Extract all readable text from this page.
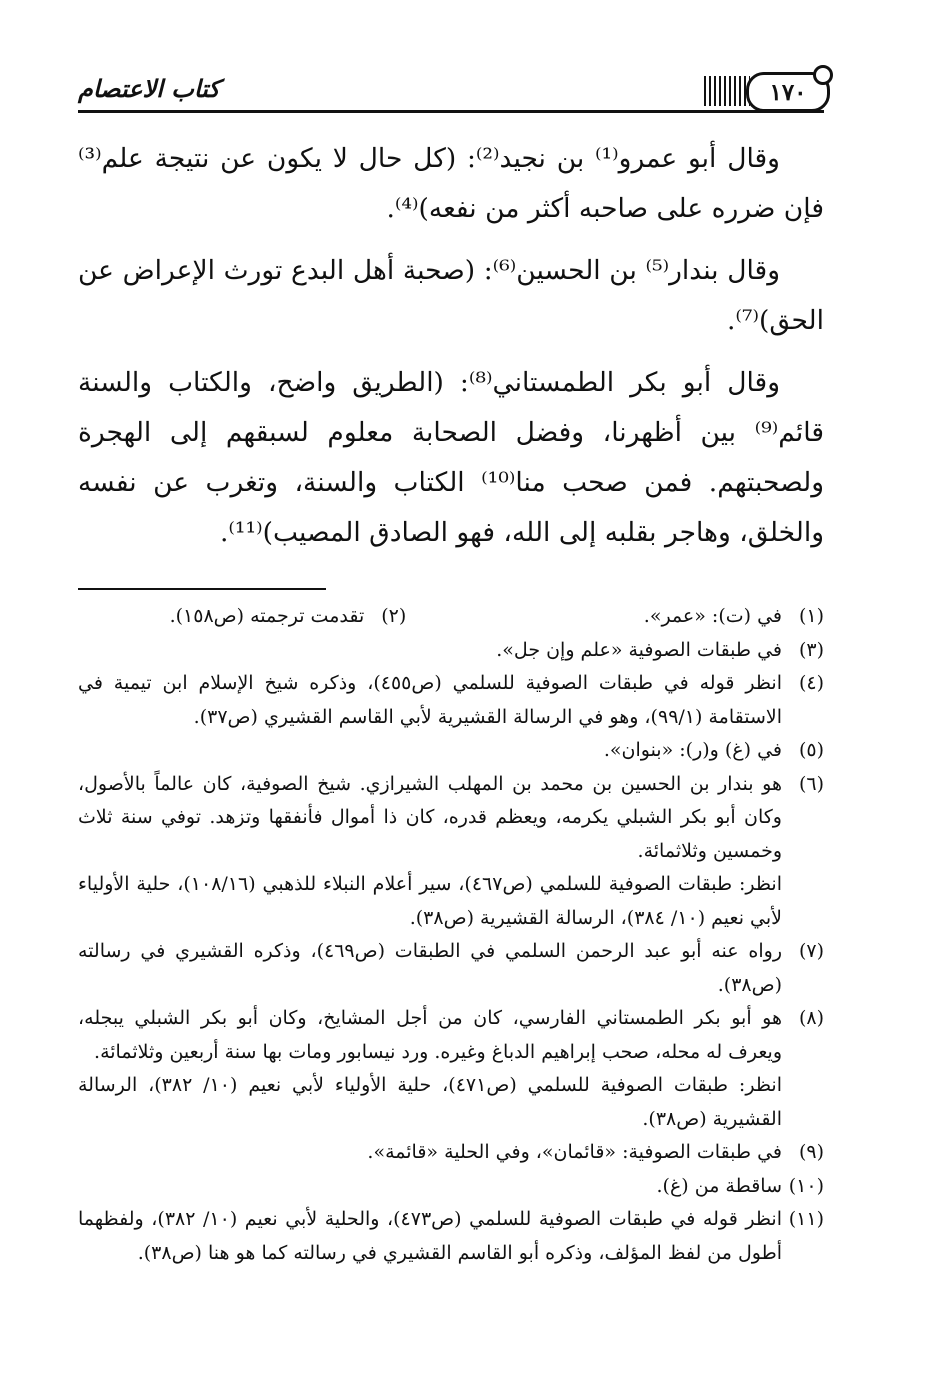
١٧٠
كتاب الاعتصام

وقال أبو عمرو⁽¹⁾ بن نجيد⁽²⁾: (كل حال لا يكون عن نتيجة علم⁽³⁾ فإن ضرره على صاحبه أكثر من نفعه)⁽⁴⁾.

وقال بندار⁽⁵⁾ بن الحسين⁽⁶⁾: (صحبة أهل البدع تورث الإعراض عن الحق)⁽⁷⁾.

وقال أبو بكر الطمستاني⁽⁸⁾: (الطريق واضح، والكتاب والسنة قائم⁽⁹⁾ بين أظهرنا، وفضل الصحابة معلوم لسبقهم إلى الهجرة ولصحبتهم. فمن صحب منا⁽¹⁰⁾ الكتاب والسنة، وتغرب عن نفسه والخلق، وهاجر بقلبه إلى الله، فهو الصادق المصيب)⁽¹¹⁾.

(١)
في (ت): «عمر».
(٢)
تقدمت ترجمته (ص١٥٨).
(٣)
في طبقات الصوفية «علم وإن جل».
(٤)
انظر قوله في طبقات الصوفية للسلمي (ص٤٥٥)، وذكره شيخ الإسلام ابن تيمية في الاستقامة (٩٩/١)، وهو في الرسالة القشيرية لأبي القاسم القشيري (ص٣٧).
(٥)
في (غ) و(ر): «بنوان».
(٦)
هو بندار بن الحسين بن محمد بن المهلب الشيرازي. شيخ الصوفية، كان عالماً بالأصول، وكان أبو بكر الشبلي يكرمه، ويعظم قدره، كان ذا أموال فأنفقها وتزهد. توفي سنة ثلاث وخمسين وثلاثمائة.
انظر: طبقات الصوفية للسلمي (ص٤٦٧)، سير أعلام النبلاء للذهبي (١٠٨/١٦)، حلية الأولياء لأبي نعيم (١٠/ ٣٨٤)، الرسالة القشيرية (ص٣٨).
(٧)
رواه عنه أبو عبد الرحمن السلمي في الطبقات (ص٤٦٩)، وذكره القشيري في رسالته (ص٣٨).
(٨)
هو أبو بكر الطمستاني الفارسي، كان من أجل المشايخ، وكان أبو بكر الشبلي يبجله، ويعرف له محله، صحب إبراهيم الدباغ وغيره. ورد نيسابور ومات بها سنة أربعين وثلاثمائة.
انظر: طبقات الصوفية للسلمي (ص٤٧١)، حلية الأولياء لأبي نعيم (١٠/ ٣٨٢)، الرسالة القشيرية (ص٣٨).
(٩)
في طبقات الصوفية: «قائمان»، وفي الحلية «قائمة».
(١٠)
ساقطة من (غ).
(١١)
انظر قوله في طبقات الصوفية للسلمي (ص٤٧٣)، والحلية لأبي نعيم (١٠/ ٣٨٢)، ولفظهما أطول من لفظ المؤلف، وذكره أبو القاسم القشيري في رسالته كما هو هنا (ص٣٨).
